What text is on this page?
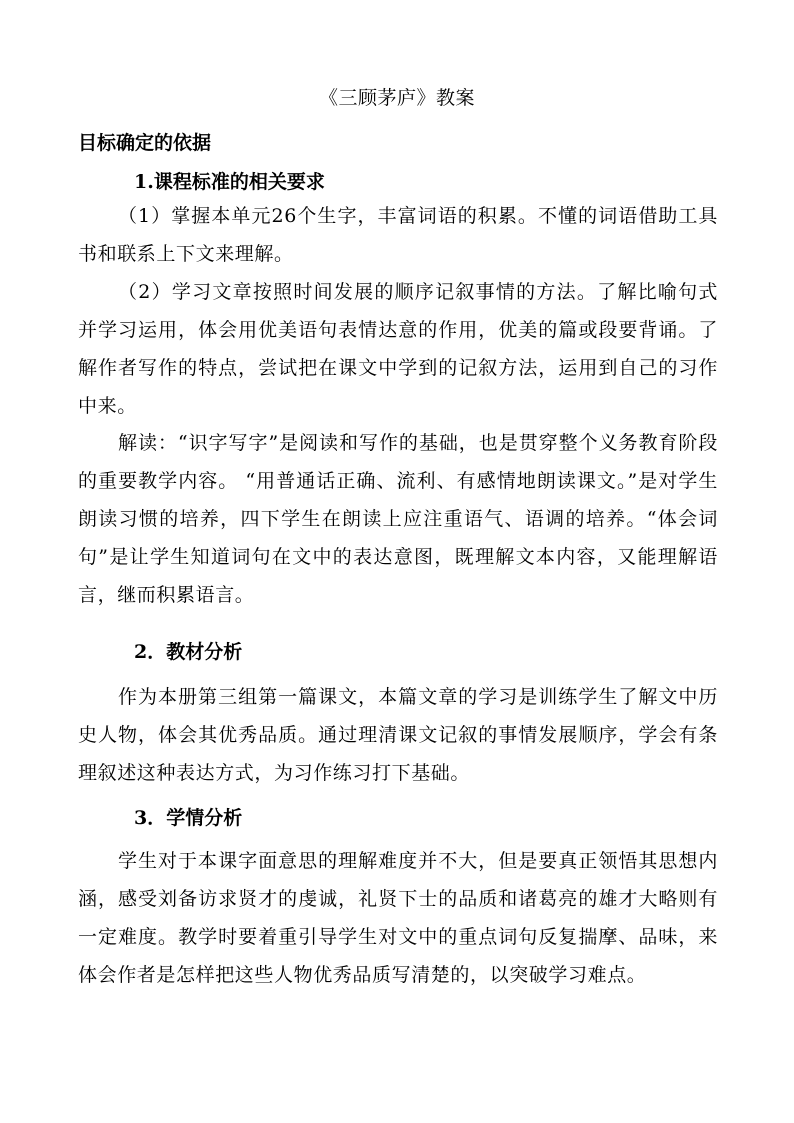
《三顾茅庐》教案
目标确定的依据
1.课程标准的相关要求

（1）掌握本单元26个生字，丰富词语的积累。不懂的词语借助工具书和联系上下文来理解。

（2）学习文章按照时间发展的顺序记叙事情的方法。了解比喻句式并学习运用，体会用优美语句表情达意的作用，优美的篇或段要背诵。了解作者写作的特点，尝试把在课文中学到的记叙方法，运用到自己的习作中来。

解读：“识字写字”是阅读和写作的基础，也是贯穿整个义务教育阶段的重要教学内容。 “用普通话正确、流利、有感情地朗读课文。”是对学生朗读习惯的培养，四下学生在朗读上应注重语气、语调的培养。“体会词句”是让学生知道词句在文中的表达意图，既理解文本内容，又能理解语言，继而积累语言。

2．教材分析

作为本册第三组第一篇课文，本篇文章的学习是训练学生了解文中历史人物，体会其优秀品质。通过理清课文记叙的事情发展顺序，学会有条理叙述这种表达方式，为习作练习打下基础。

3．学情分析

学生对于本课字面意思的理解难度并不大，但是要真正领悟其思想内涵，感受刘备访求贤才的虔诚，礼贤下士的品质和诸葛亮的雄才大略则有一定难度。教学时要着重引导学生对文中的重点词句反复揣摩、品味，来体会作者是怎样把这些人物优秀品质写清楚的，以突破学习难点。
